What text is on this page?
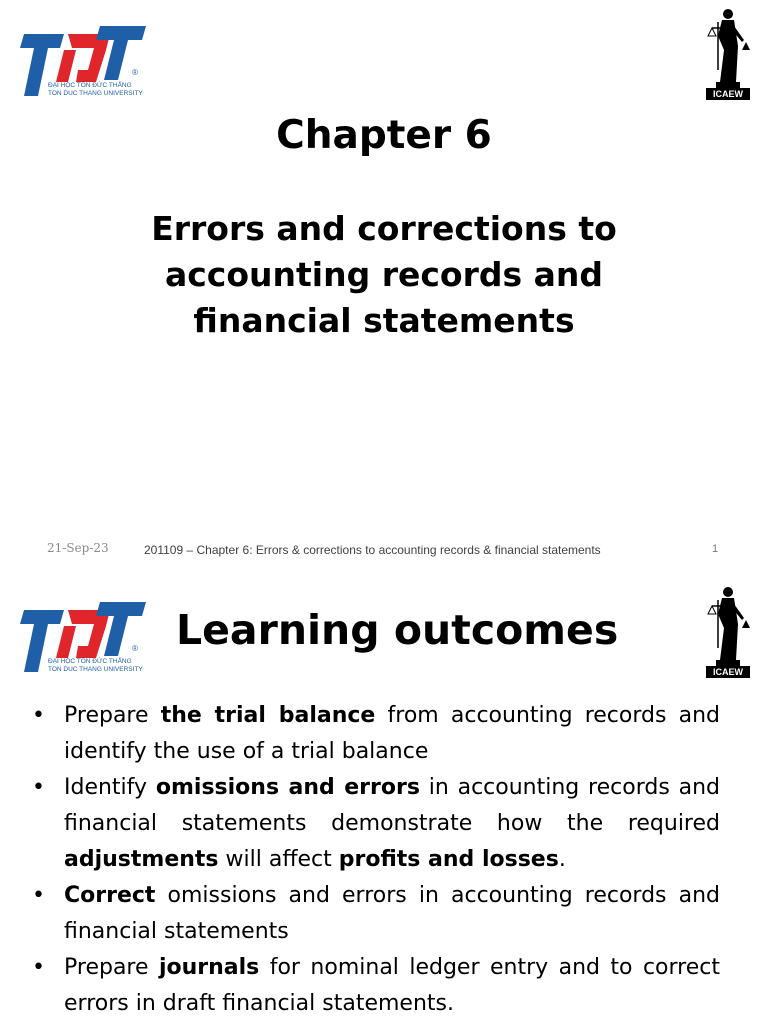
®
ĐẠI HỌC TÔN ĐỨC THẮNG
TON DUC THANG UNIVERSITY	ICAEW
Chapter 6
Errors and corrections to
accounting records and
financial statements
21-Sep-23	201109 – Chapter 6: Errors & corrections to accounting records & financial statements	1
®
ĐẠI HỌC TÔN ĐỨC THẮNG
TON DUC THANG UNIVERSITY	ICAEW
Learning outcomes
• Prepare the trial balance from accounting records and identify the use of a trial balance
• Identify omissions and errors in accounting records and financial statements demonstrate how the required adjustments will affect profits and losses.
• Correct omissions and errors in accounting records and financial statements
• Prepare journals for nominal ledger entry and to correct errors in draft financial statements.
